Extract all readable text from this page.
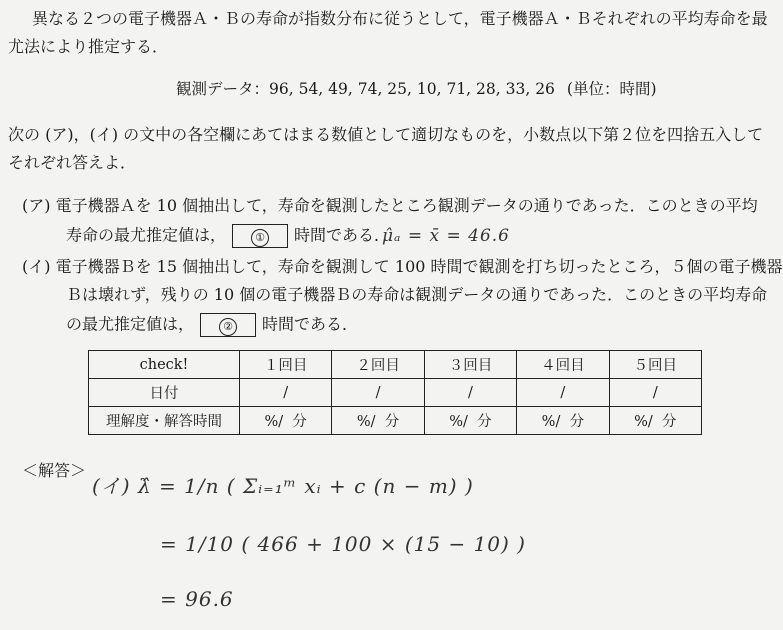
異なる２つの電子機器Ａ・Ｂの寿命が指数分布に従うとして，電子機器Ａ・Ｂそれぞれの平均寿命を最
尤法により推定する．
観測データ：96, 54, 49, 74, 25, 10, 71, 28, 33, 26 (単位：時間)
次の (ア)，(イ) の文中の各空欄にあてはまる数値として適切なものを，小数点以下第２位を四捨五入して
それぞれ答えよ．
(ア) 電子機器Ａを 10 個抽出して，寿命を観測したところ観測データの通りであった．このときの平均
寿命の最尤推定値は，	① 時間である．
μ̂ₐ = x̄ = 46.6
(イ) 電子機器Ｂを 15 個抽出して，寿命を観測して 100 時間で観測を打ち切ったところ，５個の電子機器
Ｂは壊れず，残りの 10 個の電子機器Ｂの寿命は観測データの通りであった．このときの平均寿命
の最尤推定値は，	② 時間である．
check!	１回目	２回目	３回目	４回目	５回目
日付	/	/	/	/	/
理解度・解答時間	%/ 分	%/ 分	%/ 分	%/ 分	%/ 分
＜解答＞
(イ) λ̂ = 1/n ( Σᵢ₌₁ᵐ xᵢ + c (n − m) )
= 1/10 ( 466 + 100 × (15 − 10) )
= 96.6
